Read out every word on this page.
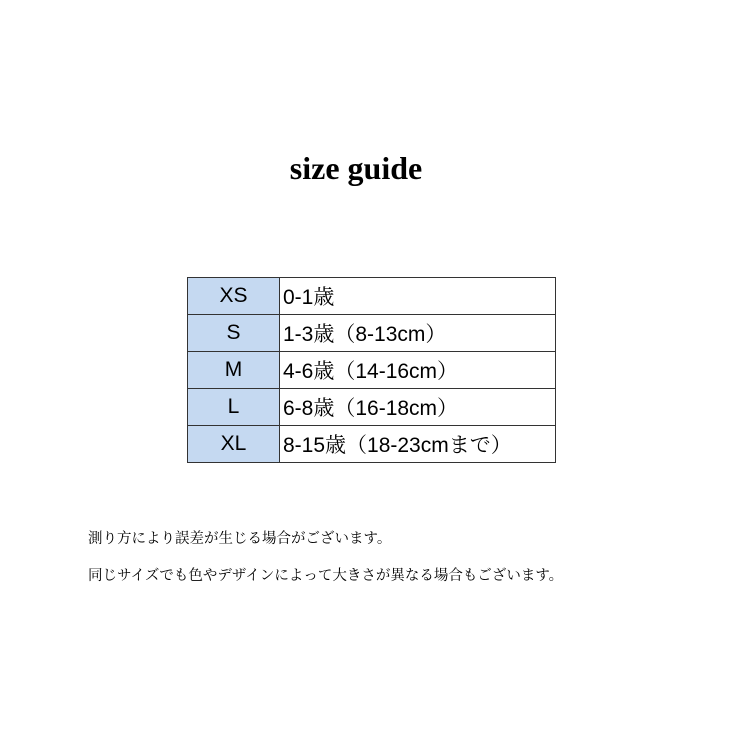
size guide
XS	0-1歳
S	1-3歳（8-13cm）
M	4-6歳（14-16cm）
L	6-8歳（16-18cm）
XL	8-15歳（18-23cmまで）
測り方により誤差が生じる場合がございます。
同じサイズでも色やデザインによって大きさが異なる場合もございます。
